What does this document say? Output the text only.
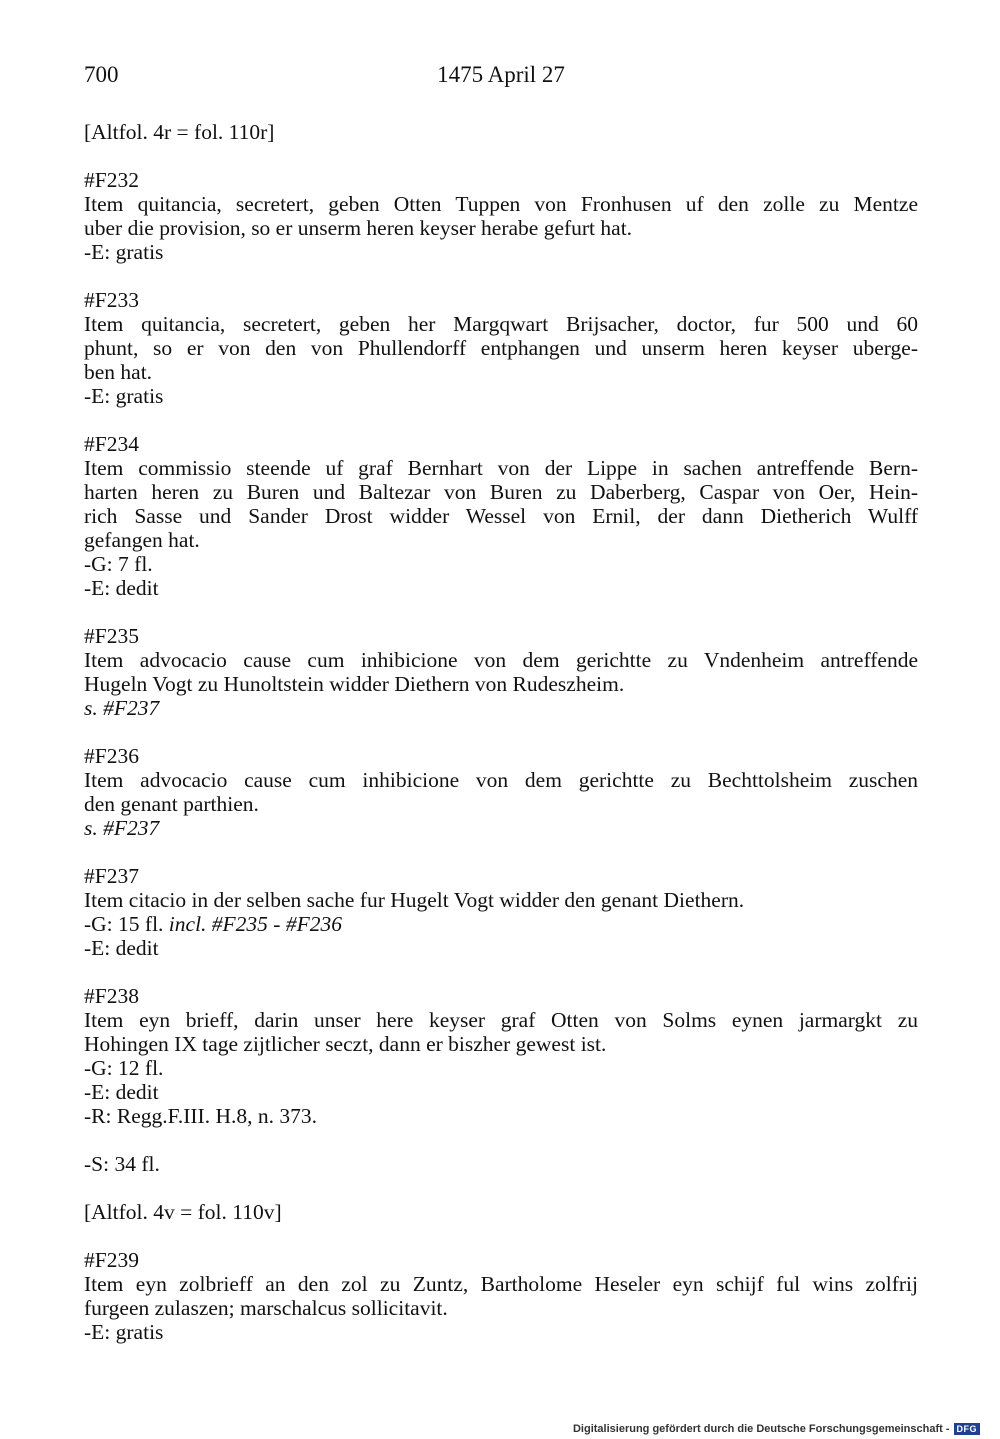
700	1475 April 27
[Altfol. 4r = fol. 110r]
#F232
Item quitancia, secretert, geben Otten Tuppen von Fronhusen uf den zolle zu Mentze
uber die provision, so er unserm heren keyser herabe gefurt hat.
-E: gratis
#F233
Item quitancia, secretert, geben her Margqwart Brijsacher, doctor, fur 500 und 60
phunt, so er von den von Phullendorff entphangen und unserm heren keyser uberge-
ben hat.
-E: gratis
#F234
Item commissio steende uf graf Bernhart von der Lippe in sachen antreffende Bern-
harten heren zu Buren und Baltezar von Buren zu Daberberg, Caspar von Oer, Hein-
rich Sasse und Sander Drost widder Wessel von Ernil, der dann Dietherich Wulff
gefangen hat.
-G: 7 fl.
-E: dedit
#F235
Item advocacio cause cum inhibicione von dem gerichtte zu Vndenheim antreffende
Hugeln Vogt zu Hunoltstein widder Diethern von Rudeszheim.
s. #F237
#F236
Item advocacio cause cum inhibicione von dem gerichtte zu Bechttolsheim zuschen
den genant parthien.
s. #F237
#F237
Item citacio in der selben sache fur Hugelt Vogt widder den genant Diethern.
-G: 15 fl. incl. #F235 - #F236
-E: dedit
#F238
Item eyn brieff, darin unser here keyser graf Otten von Solms eynen jarmargkt zu
Hohingen IX tage zijtlicher seczt, dann er biszher gewest ist.
-G: 12 fl.
-E: dedit
-R: Regg.F.III. H.8, n. 373.
-S: 34 fl.
[Altfol. 4v = fol. 110v]
#F239
Item eyn zolbrieff an den zol zu Zuntz, Bartholome Heseler eyn schijf ful wins zolfrij
furgeen zulaszen; marschalcus sollicitavit.
-E: gratis
Digitalisierung gefördert durch die Deutsche Forschungsgemeinschaft - DFG
